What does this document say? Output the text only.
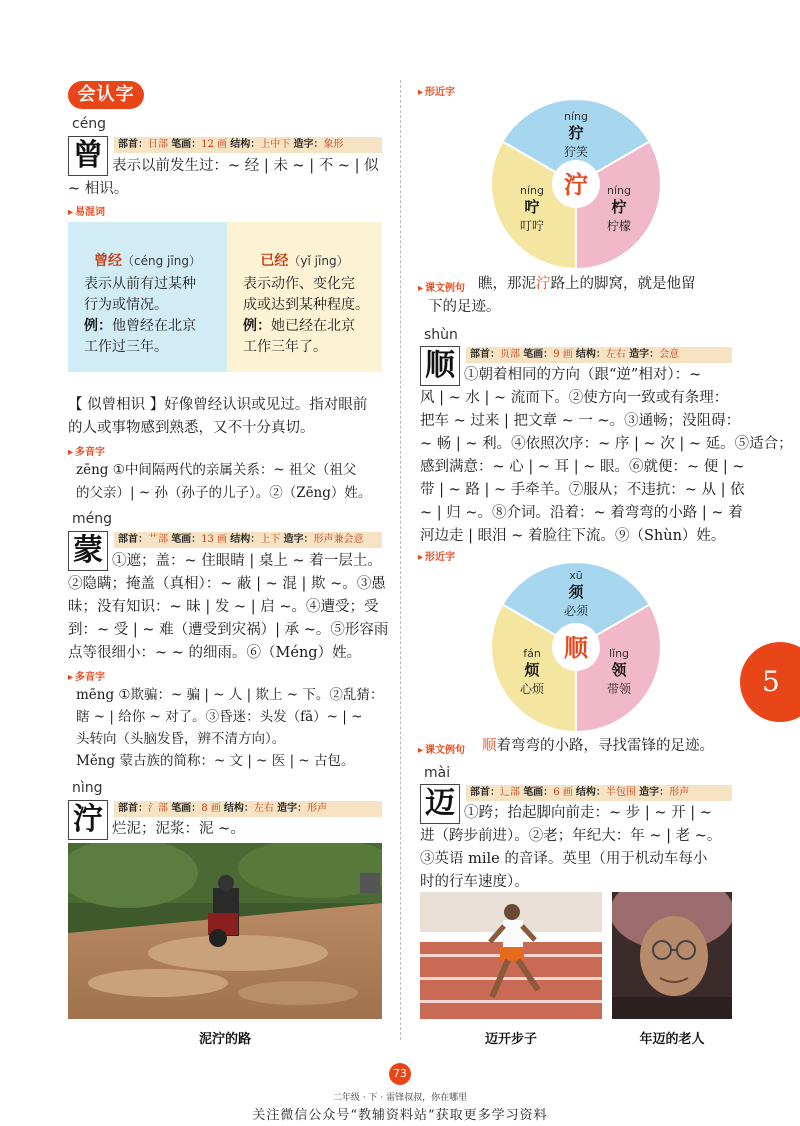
会认字
céng
曾	部首：日部 笔画：12 画 结构：上中下 造字：象形
表示以前发生过：~ 经 | 未 ~ | 不 ~ | 似
~ 相识。
▸ 易混词
曾经（céng jīng）
表示从前有过某种
行为或情况。
例：他曾经在北京
工作过三年。
已经（yǐ jīng）
表示动作、变化完
成或达到某种程度。
例：她已经在北京
工作三年了。
【 似曾相识 】好像曾经认识或见过。指对眼前
的人或事物感到熟悉，又不十分真切。
▸ 多音字
zēng ①中间隔两代的亲属关系：~ 祖父（祖父
的父亲）| ~ 孙（孙子的儿子）。②（Zēng）姓。
méng
蒙	部首：艹部 笔画：13 画 结构：上下 造字：形声兼会意
①遮；盖：~ 住眼睛 | 桌上 ~ 着一层土。
②隐瞒；掩盖（真相）：~ 蔽 | ~ 混 | 欺 ~。③愚
昧；没有知识：~ 昧 | 发 ~ | 启 ~。④遭受；受
到：~ 受 | ~ 难（遭受到灾祸）| 承 ~。⑤形容雨
点等很细小：~ ~ 的细雨。⑥（Méng）姓。
▸ 多音字
mēng ①欺骗：~ 骗 | ~ 人 | 欺上 ~ 下。②乱猜：
瞎 ~ | 给你 ~ 对了。③昏迷：头发（fā）~ | ~
头转向（头脑发昏，辨不清方向）。
Měng 蒙古族的简称：~ 文 | ~ 医 | ~ 古包。
nìng
泞	部首：氵部 笔画：8 画 结构：左右 造字：形声
烂泥；泥浆：泥 ~。
泥泞的路
▸ 形近字
泞
níng
狞
狞笑
níng
咛
叮咛
níng
柠
柠檬
▸ 课文例句 瞧，那泥泞路上的脚窝，就是他留
下的足迹。
shùn
顺	部首：页部 笔画：9 画 结构：左右 造字：会意
①朝着相同的方向（跟“逆”相对）：~
风 | ~ 水 | ~ 流而下。②使方向一致或有条理：
把车 ~ 过来 | 把文章 ~ 一 ~。③通畅；没阻碍：
~ 畅 | ~ 利。④依照次序：~ 序 | ~ 次 | ~ 延。⑤适合；
感到满意：~ 心 | ~ 耳 | ~ 眼。⑥就便：~ 便 | ~
带 | ~ 路 | ~ 手牵羊。⑦服从；不违抗：~ 从 | 依
~ | 归 ~。⑧介词。沿着：~ 着弯弯的小路 | ~ 着
河边走 | 眼泪 ~ 着脸往下流。⑨（Shùn）姓。
▸ 形近字
顺
xū
须
必须
fán
烦
心烦
lǐng
领
带领
▸ 课文例句 顺着弯弯的小路，寻找雷锋的足迹。
mài
迈	部首：辶部 笔画：6 画 结构：半包围 造字：形声
①跨；抬起脚向前走：~ 步 | ~ 开 | ~
进（跨步前进）。②老；年纪大：年 ~ | 老 ~。
③英语 mile 的音译。英里（用于机动车每小
时的行车速度）。
迈开步子	年迈的老人
5
73
二年级 · 下 · 雷锋叔叔，你在哪里
关注微信公众号“教辅资料站”获取更多学习资料
